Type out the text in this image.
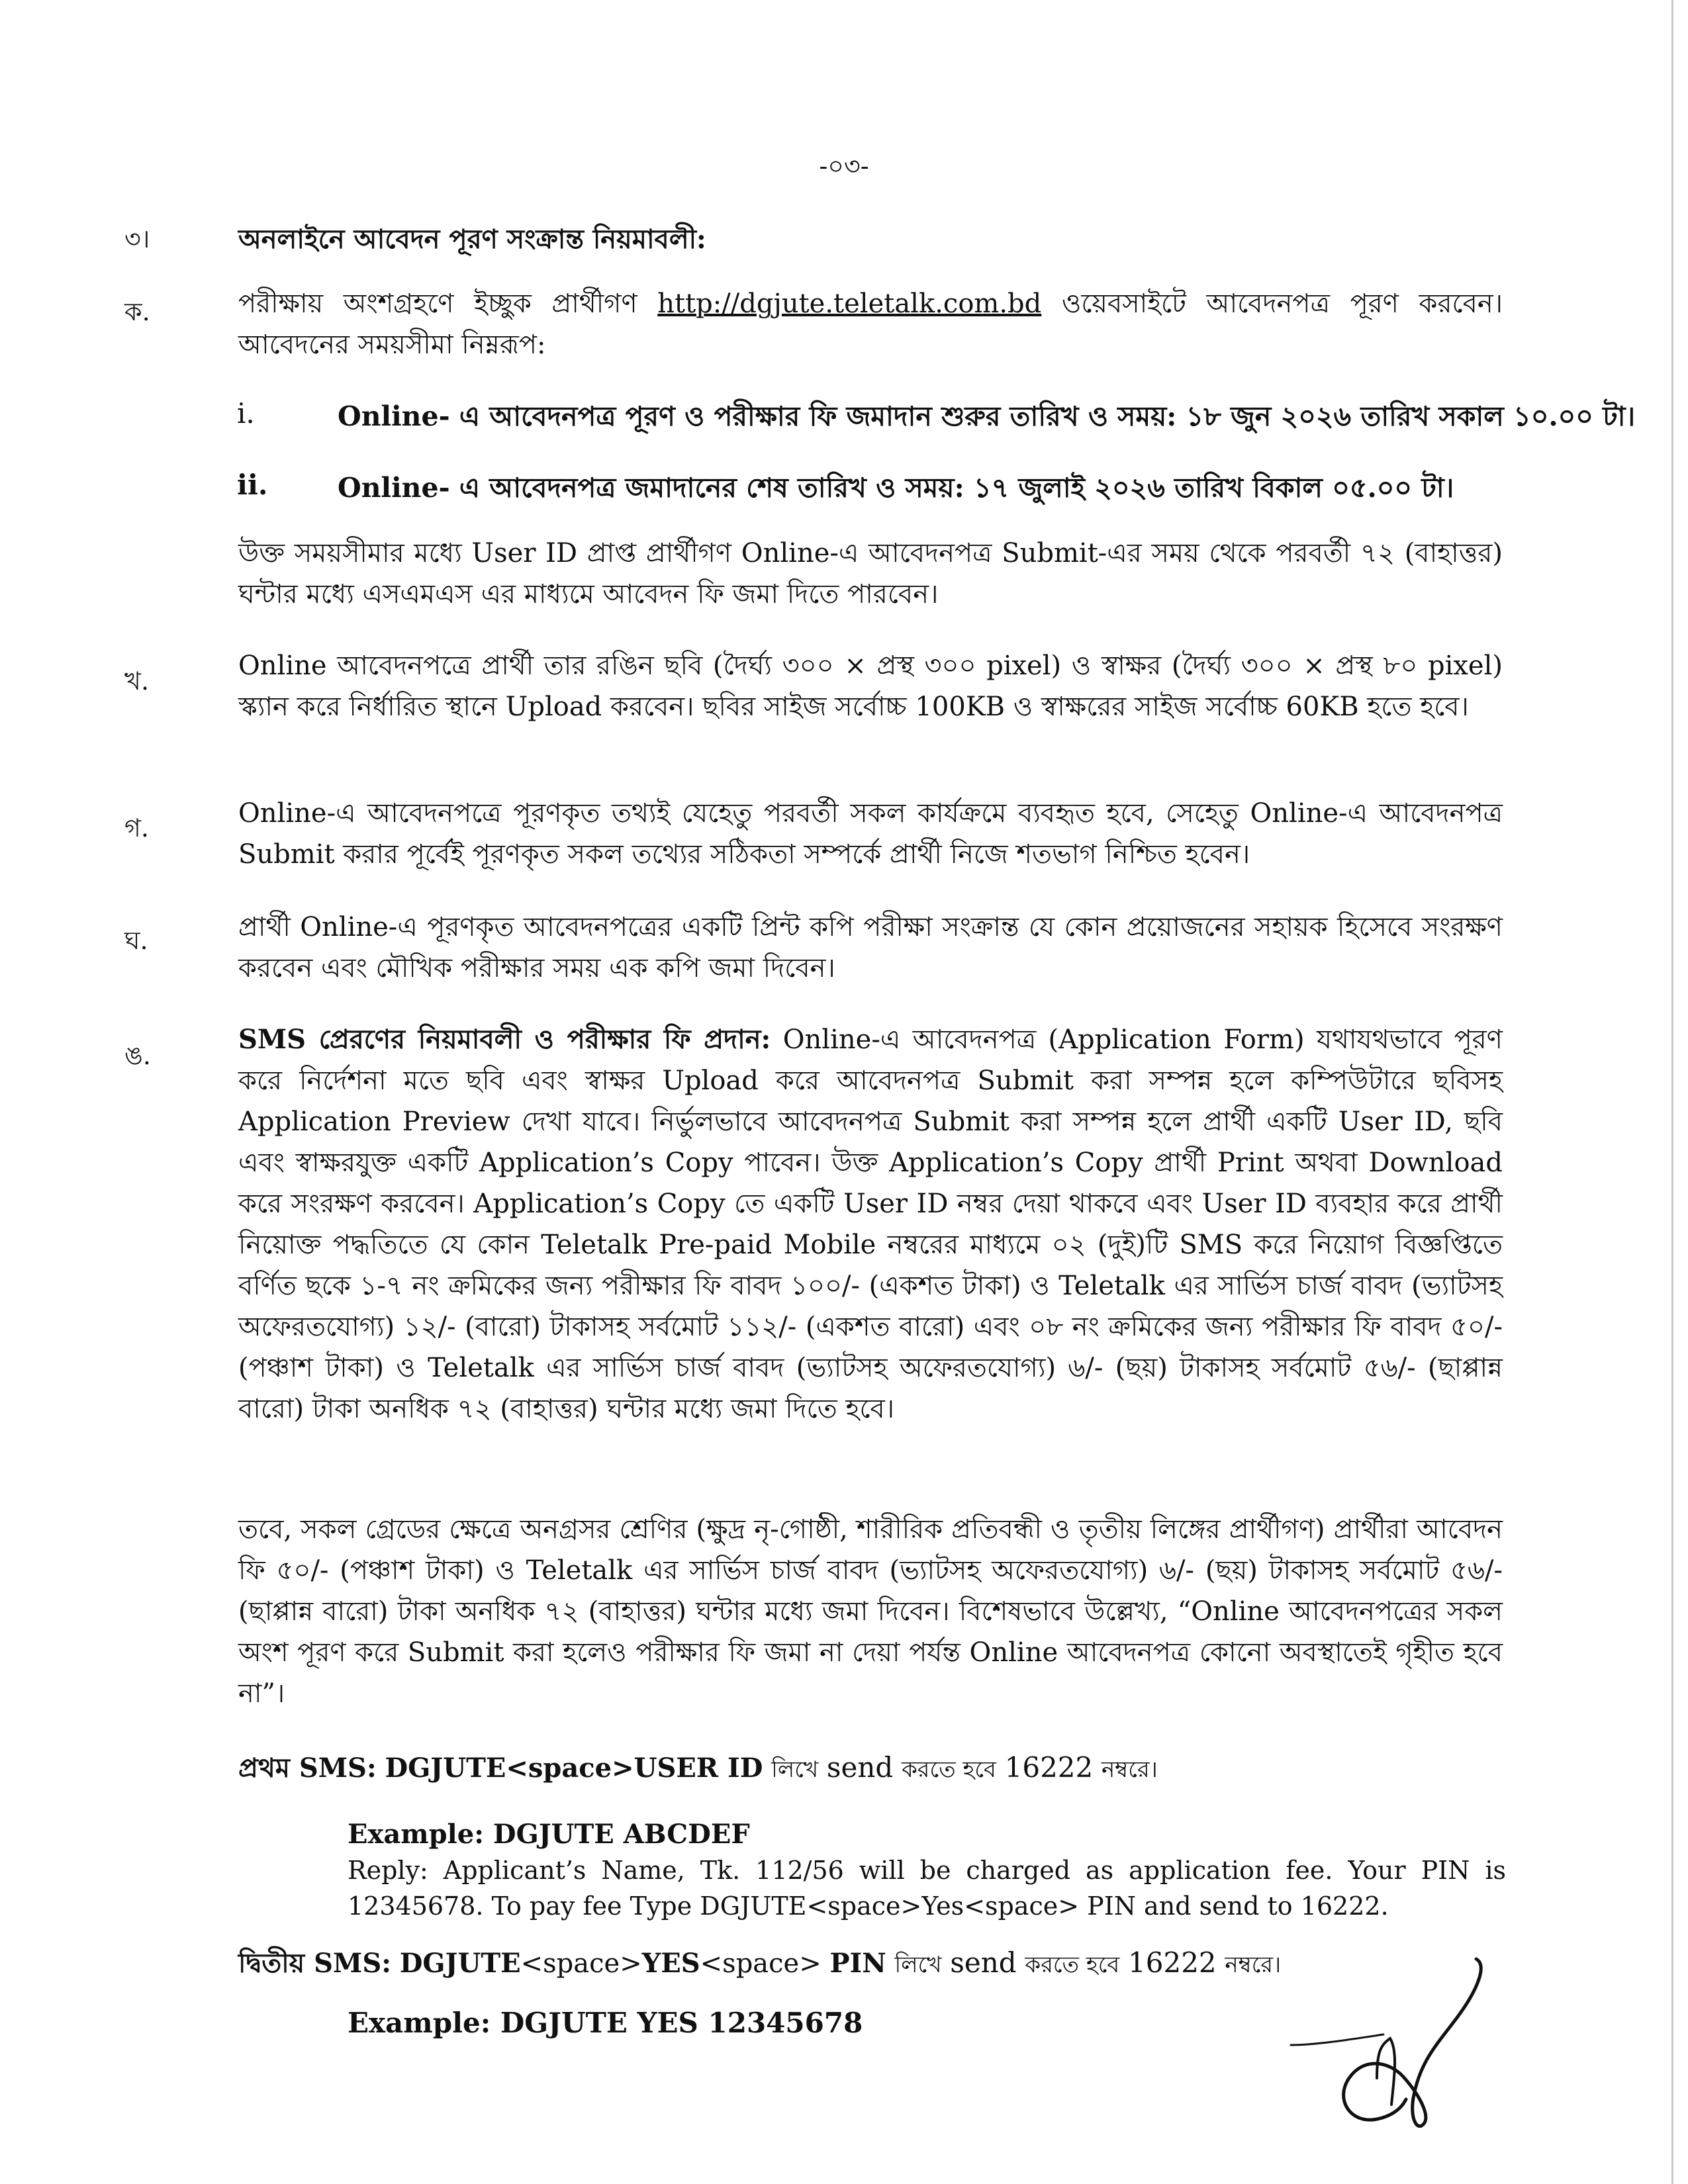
-০৩-
৩।	অনলাইনে আবেদন পূরণ সংক্রান্ত নিয়মাবলী:
ক.	পরীক্ষায় অংশগ্রহণে ইচ্ছুক প্রার্থীগণ http://dgjute.teletalk.com.bd ওয়েবসাইটে আবেদনপত্র পূরণ করবেন। আবেদনের সময়সীমা নিম্নরূপ:
i.	Online- এ আবেদনপত্র পূরণ ও পরীক্ষার ফি জমাদান শুরুর তারিখ ও সময়: ১৮ জুন ২০২৬ তারিখ সকাল ১০.০০ টা।
ii.	Online- এ আবেদনপত্র জমাদানের শেষ তারিখ ও সময়: ১৭ জুলাই ২০২৬ তারিখ বিকাল ০৫.০০ টা।
উক্ত সময়সীমার মধ্যে User ID প্রাপ্ত প্রার্থীগণ Online-এ আবেদনপত্র Submit-এর সময় থেকে পরবর্তী ৭২ (বাহাত্তর) ঘন্টার মধ্যে এসএমএস এর মাধ্যমে আবেদন ফি জমা দিতে পারবেন।
খ.	Online আবেদনপত্রে প্রার্থী তার রঙিন ছবি (দৈর্ঘ্য ৩০০ × প্রস্থ ৩০০ pixel) ও স্বাক্ষর (দৈর্ঘ্য ৩০০ × প্রস্থ ৮০ pixel) স্ক্যান করে নির্ধারিত স্থানে Upload করবেন। ছবির সাইজ সর্বোচ্চ 100KB ও স্বাক্ষরের সাইজ সর্বোচ্চ 60KB হতে হবে।
গ.	Online-এ আবেদনপত্রে পূরণকৃত তথ্যই যেহেতু পরবর্তী সকল কার্যক্রমে ব্যবহৃত হবে, সেহেতু Online-এ আবেদনপত্র Submit করার পূর্বেই পূরণকৃত সকল তথ্যের সঠিকতা সম্পর্কে প্রার্থী নিজে শতভাগ নিশ্চিত হবেন।
ঘ.	প্রার্থী Online-এ পূরণকৃত আবেদনপত্রের একটি প্রিন্ট কপি পরীক্ষা সংক্রান্ত যে কোন প্রয়োজনের সহায়ক হিসেবে সংরক্ষণ করবেন এবং মৌখিক পরীক্ষার সময় এক কপি জমা দিবেন।
ঙ.
SMS প্রেরণের নিয়মাবলী ও পরীক্ষার ফি প্রদান: Online-এ আবেদনপত্র (Application Form) যথাযথভাবে পূরণ করে নির্দেশনা মতে ছবি এবং স্বাক্ষর Upload করে আবেদনপত্র Submit করা সম্পন্ন হলে কম্পিউটারে ছবিসহ Application Preview দেখা যাবে। নির্ভুলভাবে আবেদনপত্র Submit করা সম্পন্ন হলে প্রার্থী একটি User ID, ছবি এবং স্বাক্ষরযুক্ত একটি Application’s Copy পাবেন। উক্ত Application’s Copy প্রার্থী Print অথবা Download করে সংরক্ষণ করবেন। Application’s Copy তে একটি User ID নম্বর দেয়া থাকবে এবং User ID ব্যবহার করে প্রার্থী নিয়োক্ত পদ্ধতিতে যে কোন Teletalk Pre-paid Mobile নম্বরের মাধ্যমে ০২ (দুই)টি SMS করে নিয়োগ বিজ্ঞপ্তিতে বর্ণিত ছকে ১-৭ নং ক্রমিকের জন্য পরীক্ষার ফি বাবদ ১০০/- (একশত টাকা) ও Teletalk এর সার্ভিস চার্জ বাবদ (ভ্যাটসহ অফেরতযোগ্য) ১২/- (বারো) টাকাসহ সর্বমোট ১১২/- (একশত বারো) এবং ০৮ নং ক্রমিকের জন্য পরীক্ষার ফি বাবদ ৫০/- (পঞ্চাশ টাকা) ও Teletalk এর সার্ভিস চার্জ বাবদ (ভ্যাটসহ অফেরতযোগ্য) ৬/- (ছয়) টাকাসহ সর্বমোট ৫৬/- (ছাপ্পান্ন বারো) টাকা অনধিক ৭২ (বাহাত্তর) ঘন্টার মধ্যে জমা দিতে হবে।
তবে, সকল গ্রেডের ক্ষেত্রে অনগ্রসর শ্রেণির (ক্ষুদ্র নৃ-গোষ্ঠী, শারীরিক প্রতিবন্ধী ও তৃতীয় লিঙ্গের প্রার্থীগণ) প্রার্থীরা আবেদন ফি ৫০/- (পঞ্চাশ টাকা) ও Teletalk এর সার্ভিস চার্জ বাবদ (ভ্যাটসহ অফেরতযোগ্য) ৬/- (ছয়) টাকাসহ সর্বমোট ৫৬/- (ছাপ্পান্ন বারো) টাকা অনধিক ৭২ (বাহাত্তর) ঘন্টার মধ্যে জমা দিবেন। বিশেষভাবে উল্লেখ্য, “Online আবেদনপত্রের সকল অংশ পূরণ করে Submit করা হলেও পরীক্ষার ফি জমা না দেয়া পর্যন্ত Online আবেদনপত্র কোনো অবস্থাতেই গৃহীত হবে না”।
প্রথম SMS: DGJUTE<space>USER ID লিখে send করতে হবে 16222 নম্বরে।
Example: DGJUTE ABCDEF
Reply: Applicant’s Name, Tk. 112/56 will be charged as application fee. Your PIN is 12345678. To pay fee Type DGJUTE<space>Yes<space> PIN and send to 16222.
দ্বিতীয় SMS: DGJUTE<space>YES<space> PIN লিখে send করতে হবে 16222 নম্বরে।
Example: DGJUTE YES 12345678
